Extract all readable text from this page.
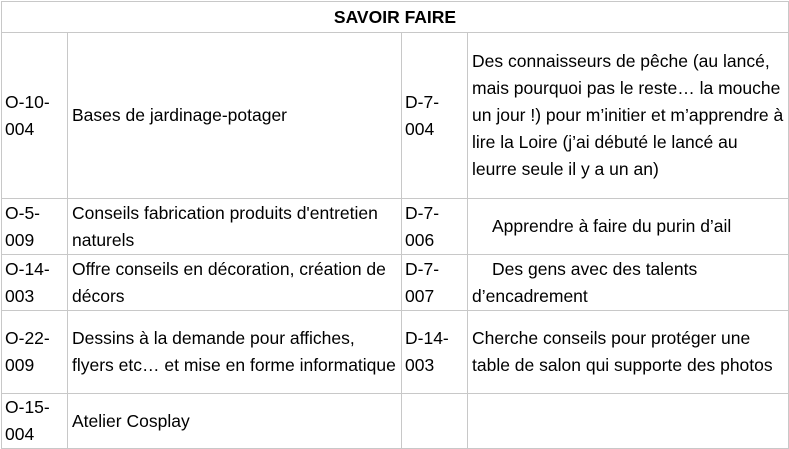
SAVOIR FAIRE			
O-10-004	Bases de jardinage-potager	D-7-004	Des connaisseurs de pêche (au lancé, mais pourquoi pas le reste… la mouche un jour !) pour m’initier et m’apprendre à lire la Loire (j’ai débuté le lancé au leurre seule il y a un an)
O-5-009	Conseils fabrication produits d'entretien naturels	D-7-006	Apprendre à faire du purin d’ail
O-14-003	Offre conseils en décoration, création de décors	D-7-007	Des gens avec des talents d’encadrement

O-22-009	Dessins à la demande pour affiches, flyers etc… et mise en forme informatique	D-14-003	Cherche conseils pour protéger une table de salon qui supporte des photos
O-15-004	Atelier Cosplay		
